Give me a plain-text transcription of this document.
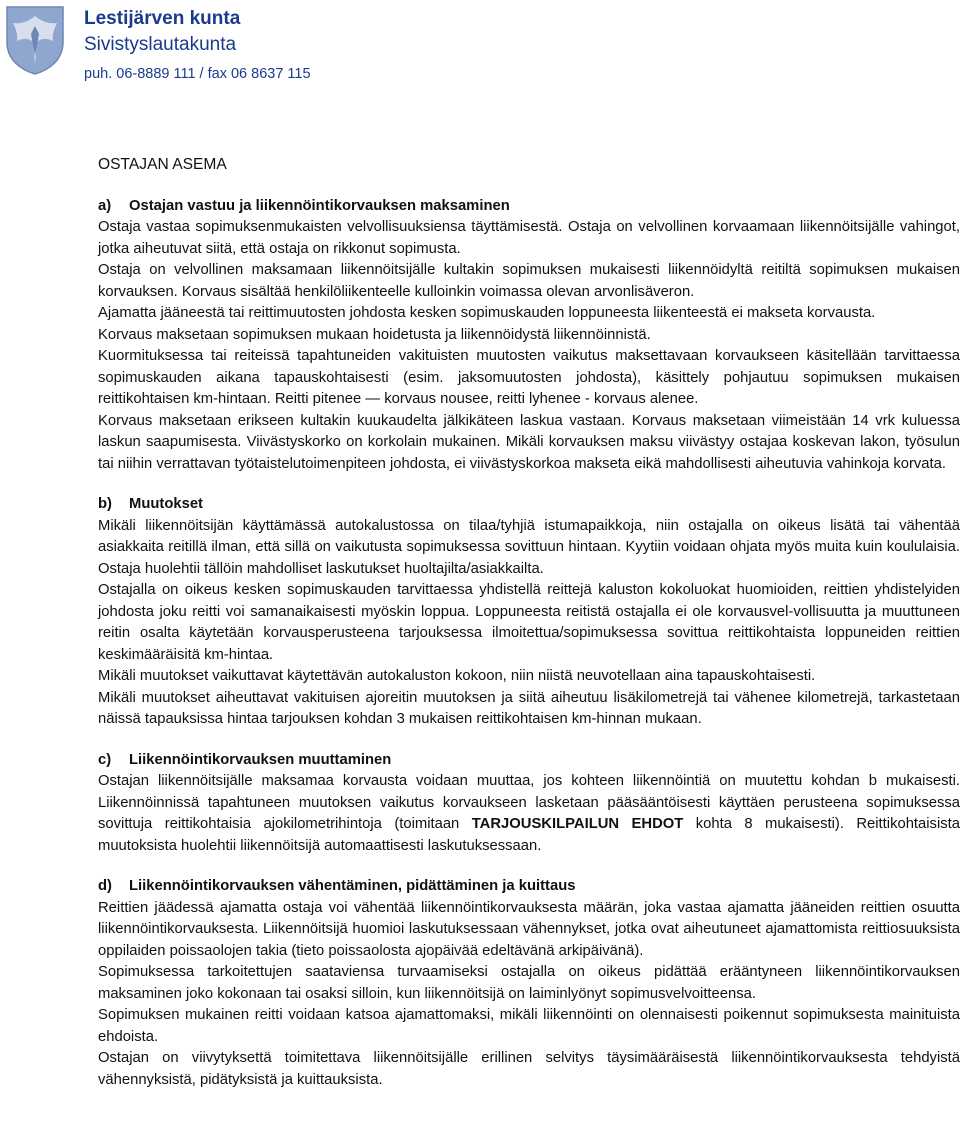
Lestijärven kunta
Sivistyslautakunta
puh. 06-8889 111 / fax 06 8637 115
OSTAJAN ASEMA
a) Ostajan vastuu ja liikennöintikorvauksen maksaminen

Ostaja vastaa sopimuksenmukaisten velvollisuuksiensa täyttämisestä. Ostaja on velvollinen korvaamaan liikennöitsijälle vahingot, jotka aiheutuvat siitä, että ostaja on rikkonut sopimusta.

Ostaja on velvollinen maksamaan liikennöitsijälle kultakin sopimuksen mukaisesti liikennöidyltä reitiltä sopimuksen mukaisen korvauksen. Korvaus sisältää henkilöliikenteelle kulloinkin voimassa olevan arvonlisäveron.

Ajamatta jääneestä tai reittimuutosten johdosta kesken sopimuskauden loppuneesta liikenteestä ei makseta korvausta.

Korvaus maksetaan sopimuksen mukaan hoidetusta ja liikennöidystä liikennöinnistä.

Kuormituksessa tai reiteissä tapahtuneiden vakituisten muutosten vaikutus maksettavaan korvaukseen käsitellään tarvittaessa sopimuskauden aikana tapauskohtaisesti (esim. jaksomuutosten johdosta), käsittely pohjautuu sopimuksen mukaisen reittikohtaisen km-hintaan. Reitti pitenee — korvaus nousee, reitti lyhenee - korvaus alenee.

Korvaus maksetaan erikseen kultakin kuukaudelta jälkikäteen laskua vastaan. Korvaus maksetaan viimeistään 14 vrk kuluessa laskun saapumisesta. Viivästyskorko on korkolain mukainen. Mikäli korvauksen maksu viivästyy ostajaa koskevan lakon, työsulun tai niihin verrattavan työtaistelutoimenpiteen johdosta, ei viivästyskorkoa makseta eikä mahdollisesti aiheutuvia vahinkoja korvata.

b) Muutokset

Mikäli liikennöitsijän käyttämässä autokalustossa on tilaa/tyhjiä istumapaikkoja, niin ostajalla on oikeus lisätä tai vähentää asiakkaita reitillä ilman, että sillä on vaikutusta sopimuksessa sovittuun hintaan. Kyytiin voidaan ohjata myös muita kuin koululaisia. Ostaja huolehtii tällöin mahdolliset laskutukset huoltajilta/asiakkailta.

Ostajalla on oikeus kesken sopimuskauden tarvittaessa yhdistellä reittejä kaluston kokoluokat huomioiden, reittien yhdistelyiden johdosta joku reitti voi samanaikaisesti myöskin loppua. Loppuneesta reitistä ostajalla ei ole korvausvel-vollisuutta ja muuttuneen reitin osalta käytetään korvausperusteena tarjouksessa ilmoitettua/sopimuksessa sovittua reittikohtaista loppuneiden reittien keskimääräisitä km-hintaa.

Mikäli muutokset vaikuttavat käytettävän autokaluston kokoon, niin niistä neuvotellaan aina tapauskohtaisesti.

Mikäli muutokset aiheuttavat vakituisen ajoreitin muutoksen ja siitä aiheutuu lisäkilometrejä tai vähenee kilometrejä, tarkastetaan näissä tapauksissa hintaa tarjouksen kohdan 3 mukaisen reittikohtaisen km-hinnan mukaan.

c) Liikennöintikorvauksen muuttaminen

Ostajan liikennöitsijälle maksamaa korvausta voidaan muuttaa, jos kohteen liikennöintiä on muutettu kohdan b mukaisesti. Liikennöinnissä tapahtuneen muutoksen vaikutus korvaukseen lasketaan pääsääntöisesti käyttäen perusteena sopimuksessa sovittuja reittikohtaisia ajokilometrihintoja (toimitaan TARJOUSKILPAILUN EHDOT kohta 8 mukaisesti). Reittikohtaisista muutoksista huolehtii liikennöitsijä automaattisesti laskutuksessaan.

d) Liikennöintikorvauksen vähentäminen, pidättäminen ja kuittaus

Reittien jäädessä ajamatta ostaja voi vähentää liikennöintikorvauksesta määrän, joka vastaa ajamatta jääneiden reittien osuutta liikennöintikorvauksesta. Liikennöitsijä huomioi laskutuksessaan vähennykset, jotka ovat aiheutuneet ajamattomista reittiosuuksista oppilaiden poissaolojen takia (tieto poissaolosta ajopäivää edeltävänä arkipäivänä).

Sopimuksessa tarkoitettujen saataviensa turvaamiseksi ostajalla on oikeus pidättää erääntyneen liikennöintikorvauksen maksaminen joko kokonaan tai osaksi silloin, kun liikennöitsijä on laiminlyönyt sopimusvelvoitteensa.

Sopimuksen mukainen reitti voidaan katsoa ajamattomaksi, mikäli liikennöinti on olennaisesti poikennut sopimuksesta mainituista ehdoista.

Ostajan on viivytyksettä toimitettava liikennöitsijälle erillinen selvitys täysimääräisestä liikennöintikorvauksesta tehdyistä vähennyksistä, pidätyksistä ja kuittauksista.
